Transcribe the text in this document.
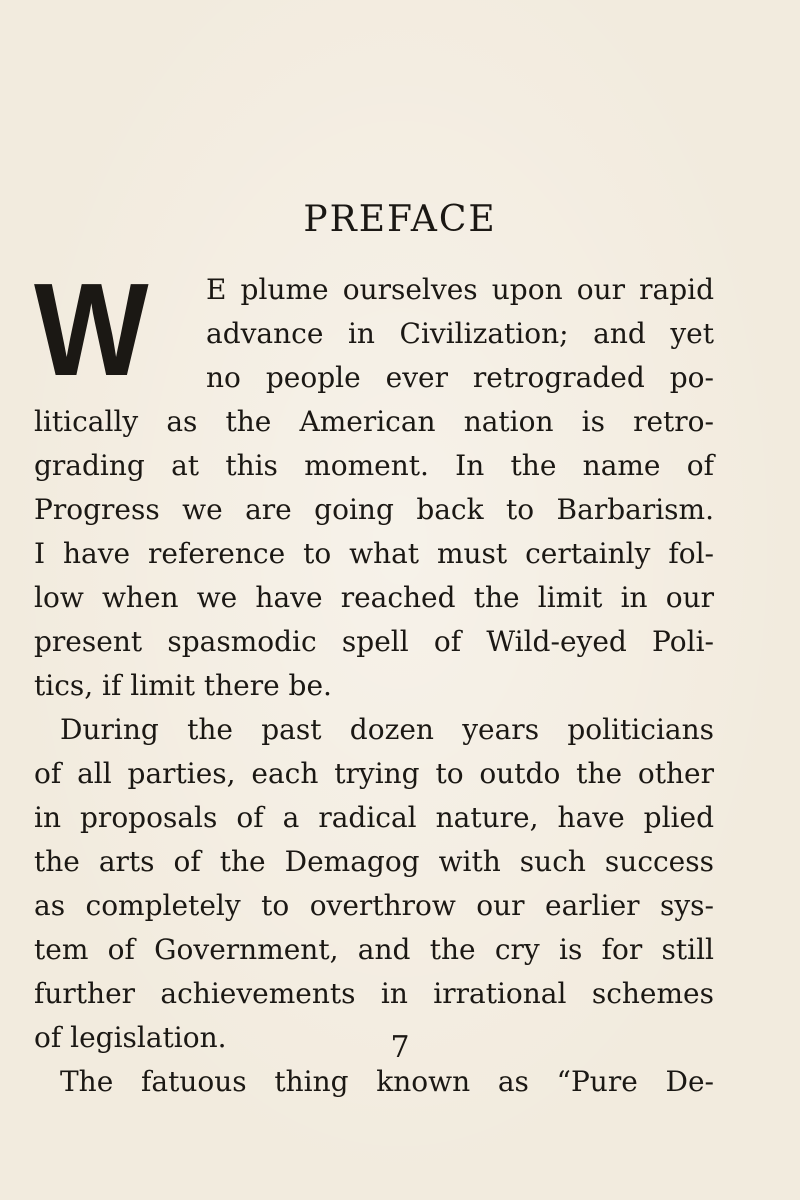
PREFACE
W	E plume ourselves upon our rapid
advance in Civilization; and yet
no people ever retrograded po-
litically as the American nation is retro-
grading at this moment. In the name of
Progress we are going back to Barbarism.
I have reference to what must certainly fol-
low when we have reached the limit in our
present spasmodic spell of Wild-eyed Poli-
tics, if limit there be.
During the past dozen years politicians
of all parties, each trying to outdo the other
in proposals of a radical nature, have plied
the arts of the Demagog with such success
as completely to overthrow our earlier sys-
tem of Government, and the cry is for still
further achievements in irrational schemes
of legislation.
The fatuous thing known as “Pure De-
7
